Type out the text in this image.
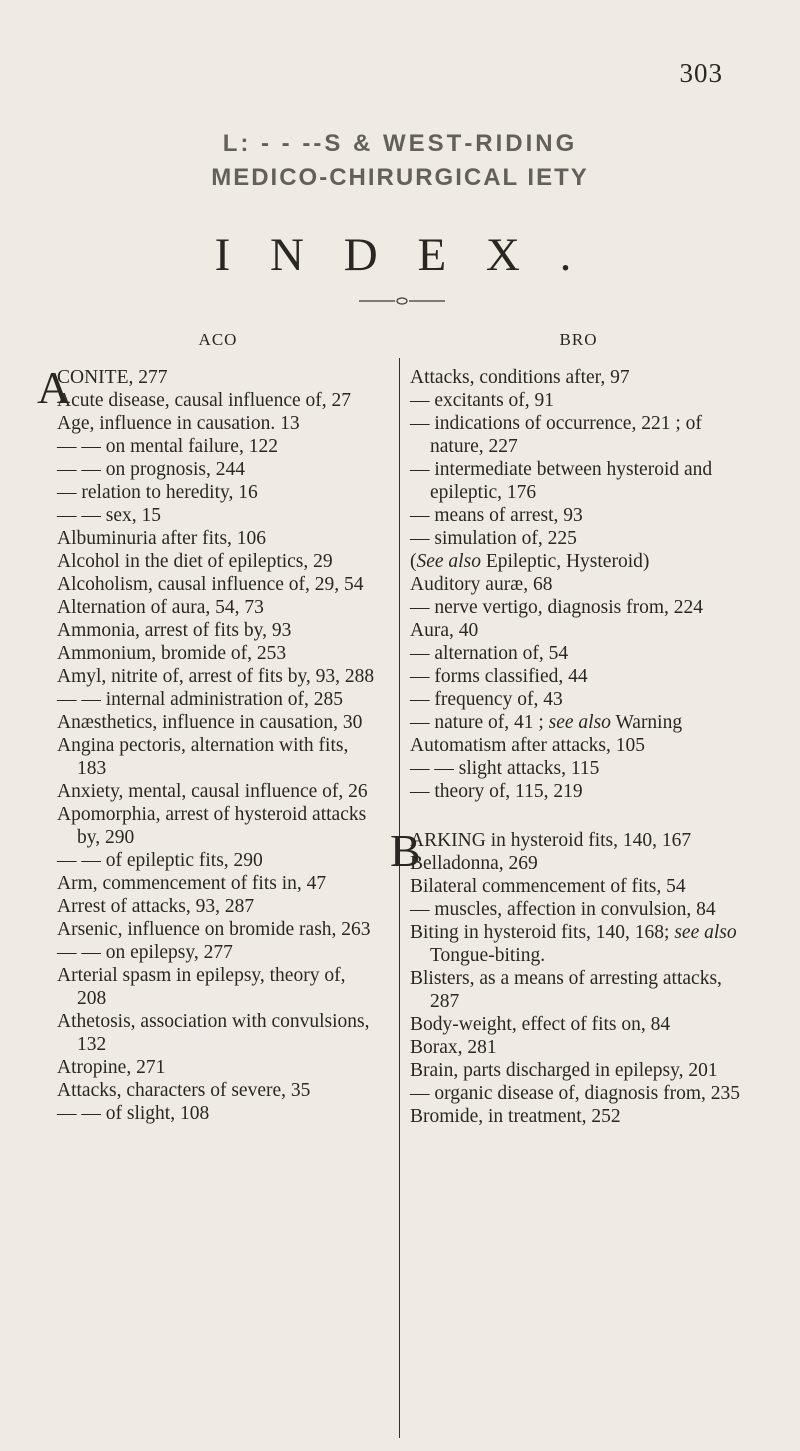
303
L: ‑ ‑ ‑‑S & WEST‑RIDING
MEDICO‑CHIRURGICAL IETY
I N D E X .
ACO
A
CONITE, 277
Acute disease, causal influence of, 27
Age, influence in causation. 13
— — on mental failure, 122
— — on prognosis, 244
— relation to heredity, 16
— — sex, 15
Albuminuria after fits, 106
Alcohol in the diet of epileptics, 29
Alcoholism, causal influence of, 29, 54
Alternation of aura, 54, 73
Ammonia, arrest of fits by, 93
Ammonium, bromide of, 253
Amyl, nitrite of, arrest of fits by, 93, 288
— — internal administration of, 285
Anæsthetics, influence in causation, 30
Angina pectoris, alternation with fits, 183
Anxiety, mental, causal influence of, 26
Apomorphia, arrest of hysteroid attacks by, 290
— — of epileptic fits, 290
Arm, commencement of fits in, 47
Arrest of attacks, 93, 287
Arsenic, influence on bromide rash, 263
— — on epilepsy, 277
Arterial spasm in epilepsy, theory of, 208
Athetosis, association with convulsions, 132
Atropine, 271
Attacks, characters of severe, 35
— — of slight, 108
BRO
Attacks, conditions after, 97
— excitants of, 91
— indications of occurrence, 221 ; of nature, 227
— intermediate between hysteroid and epileptic, 176
— means of arrest, 93
— simulation of, 225
(See also Epileptic, Hysteroid)
Auditory auræ, 68
— nerve vertigo, diagnosis from, 224
Aura, 40
— alternation of, 54
— forms classified, 44
— frequency of, 43
— nature of, 41 ; see also Warning
Automatism after attacks, 105
— — slight attacks, 115
— theory of, 115, 219
B
ARKING in hysteroid fits, 140, 167
Belladonna, 269
Bilateral commencement of fits, 54
— muscles, affection in convulsion, 84
Biting in hysteroid fits, 140, 168; see also Tongue-biting.
Blisters, as a means of arresting attacks, 287
Body-weight, effect of fits on, 84
Borax, 281
Brain, parts discharged in epilepsy, 201
— organic disease of, diagnosis from, 235
Bromide, in treatment, 252
